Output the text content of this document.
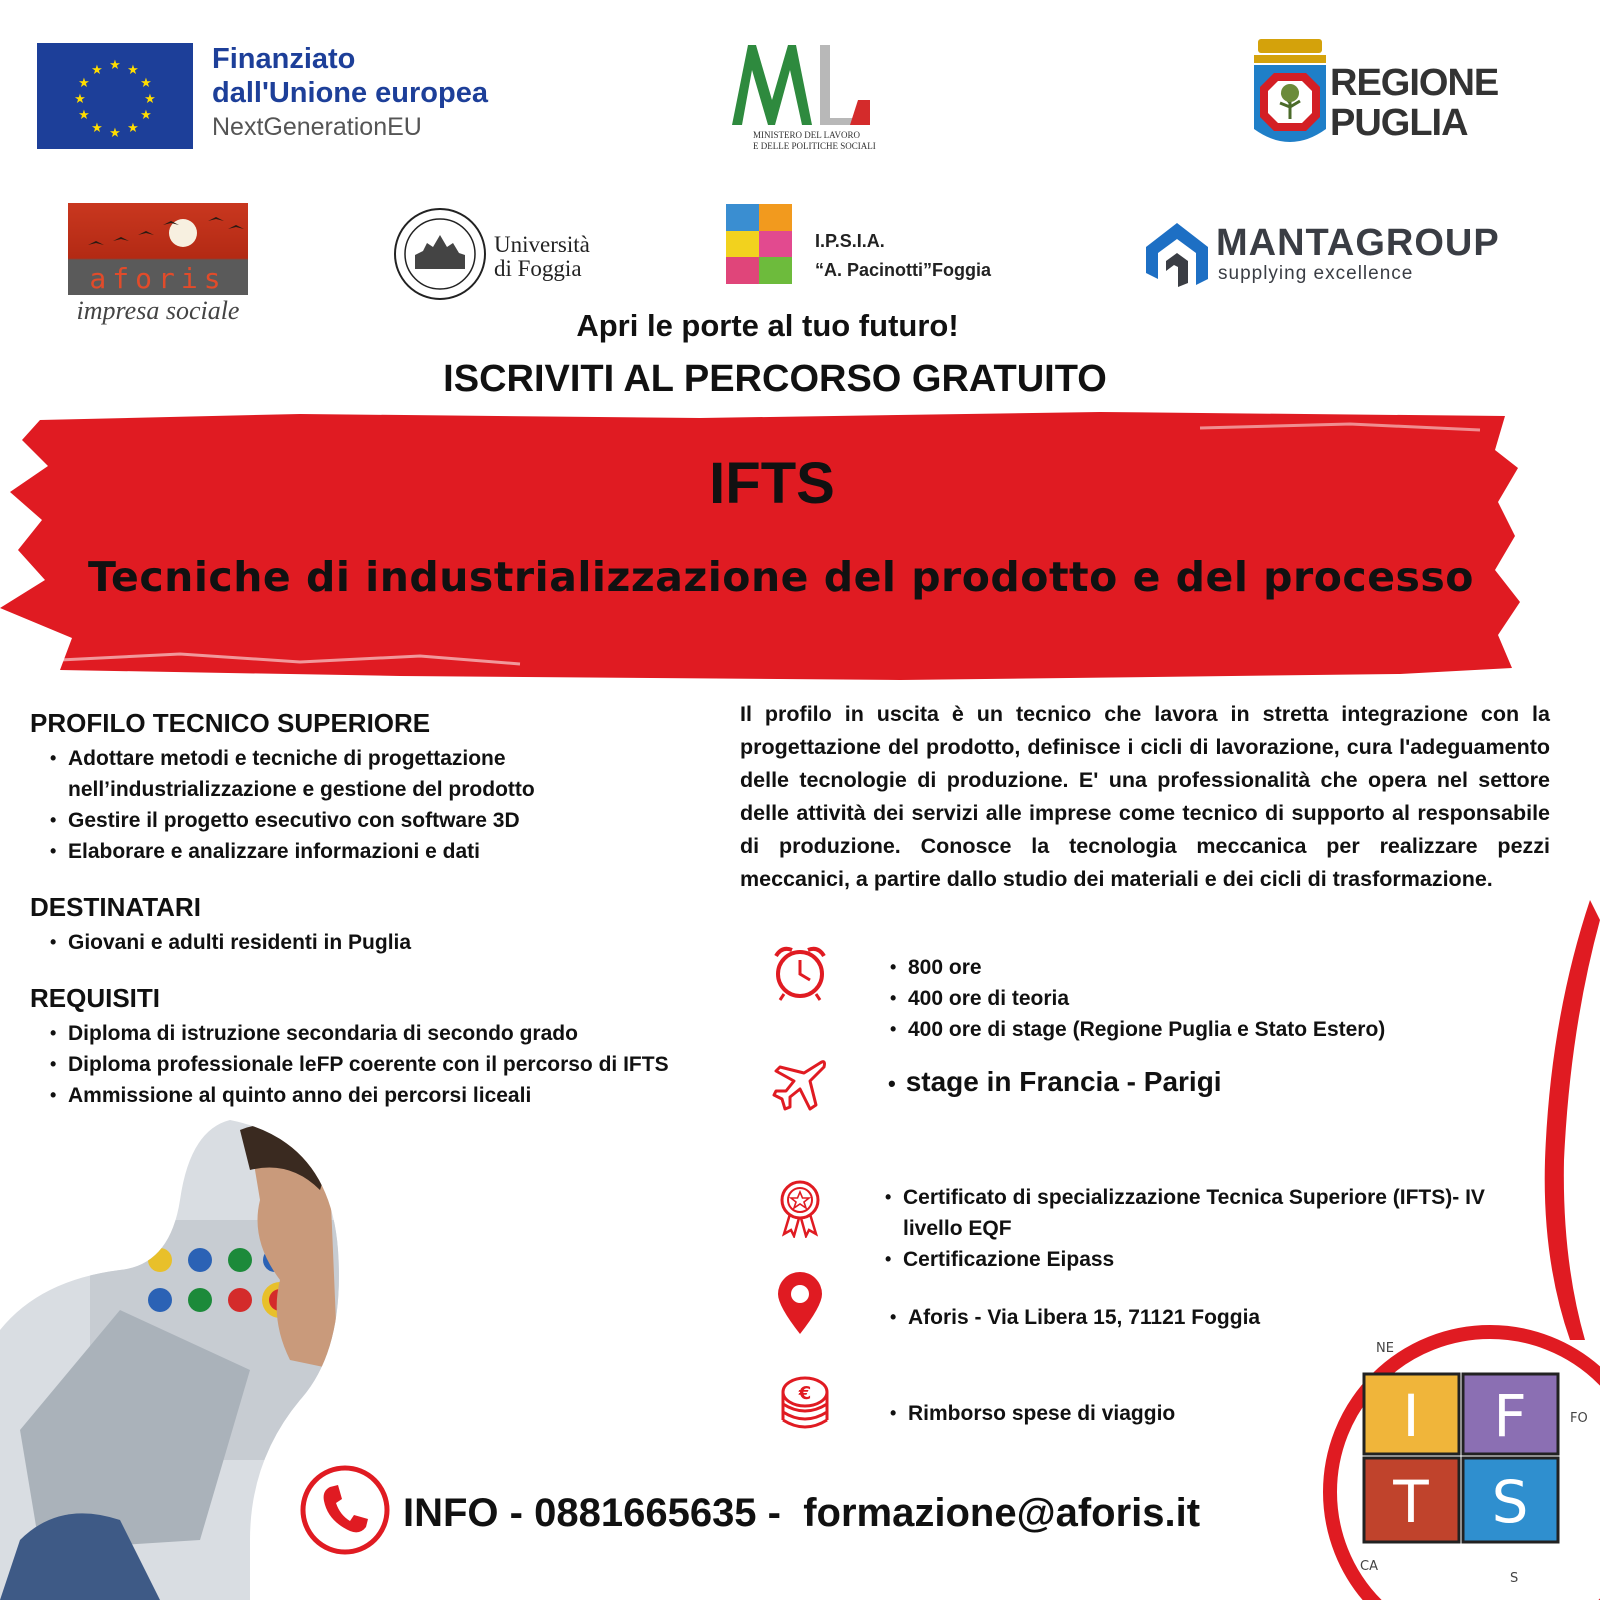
★ ★
★
★
★
★
★
★
★
★
★
★	Finanziato
dall'Unione europea
NextGenerationEU	MINISTERO DEL LAVORO
E DELLE POLITICHE SOCIALI
REGIONE
PUGLIA
aforis
impresa sociale
Università
di Foggia
I.P.S.I.A.
“A. Pacinotti”Foggia
MANTAGROUP
supplying excellence
Apri le porte al tuo futuro!
ISCRIVITI AL PERCORSO GRATUITO
IFTS
Tecniche di industrializzazione del prodotto e del processo
PROFILO TECNICO SUPERIORE
• Adottare metodi e tecniche di progettazione nell’industrializzazione e gestione del prodotto
• Gestire il progetto esecutivo con software 3D
• Elaborare e analizzare informazioni e dati
DESTINATARI
• Giovani e adulti residenti in Puglia
REQUISITI
• Diploma di istruzione secondaria di secondo grado
• Diploma professionale leFP coerente con il percorso di IFTS
• Ammissione al quinto anno dei percorsi liceali
Il profilo in uscita è un tecnico che lavora in stretta integrazione con la progettazione del prodotto, definisce i cicli di lavorazione, cura l'adeguamento delle tecnologie di produzione. E' una professionalità che opera nel settore delle attività dei servizi alle imprese come tecnico di supporto al responsabile di produzione. Conosce la tecnologia meccanica per realizzare pezzi meccanici, a partire dallo studio dei materiali e dei cicli di trasformazione.
• 800 ore
• 400 ore di teoria
• 400 ore di stage (Regione Puglia e Stato Estero)
• stage in Francia - Parigi
• Certificato di specializzazione Tecnica Superiore (IFTS)- IV livello EQF
• Certificazione Eipass
• Aforis - Via Libera 15, 71121 Foggia
€
• Rimborso spese di viaggio	I F
T S
NE
FO
CA
S
INFO - 0881665635 -  formazione@aforis.it
